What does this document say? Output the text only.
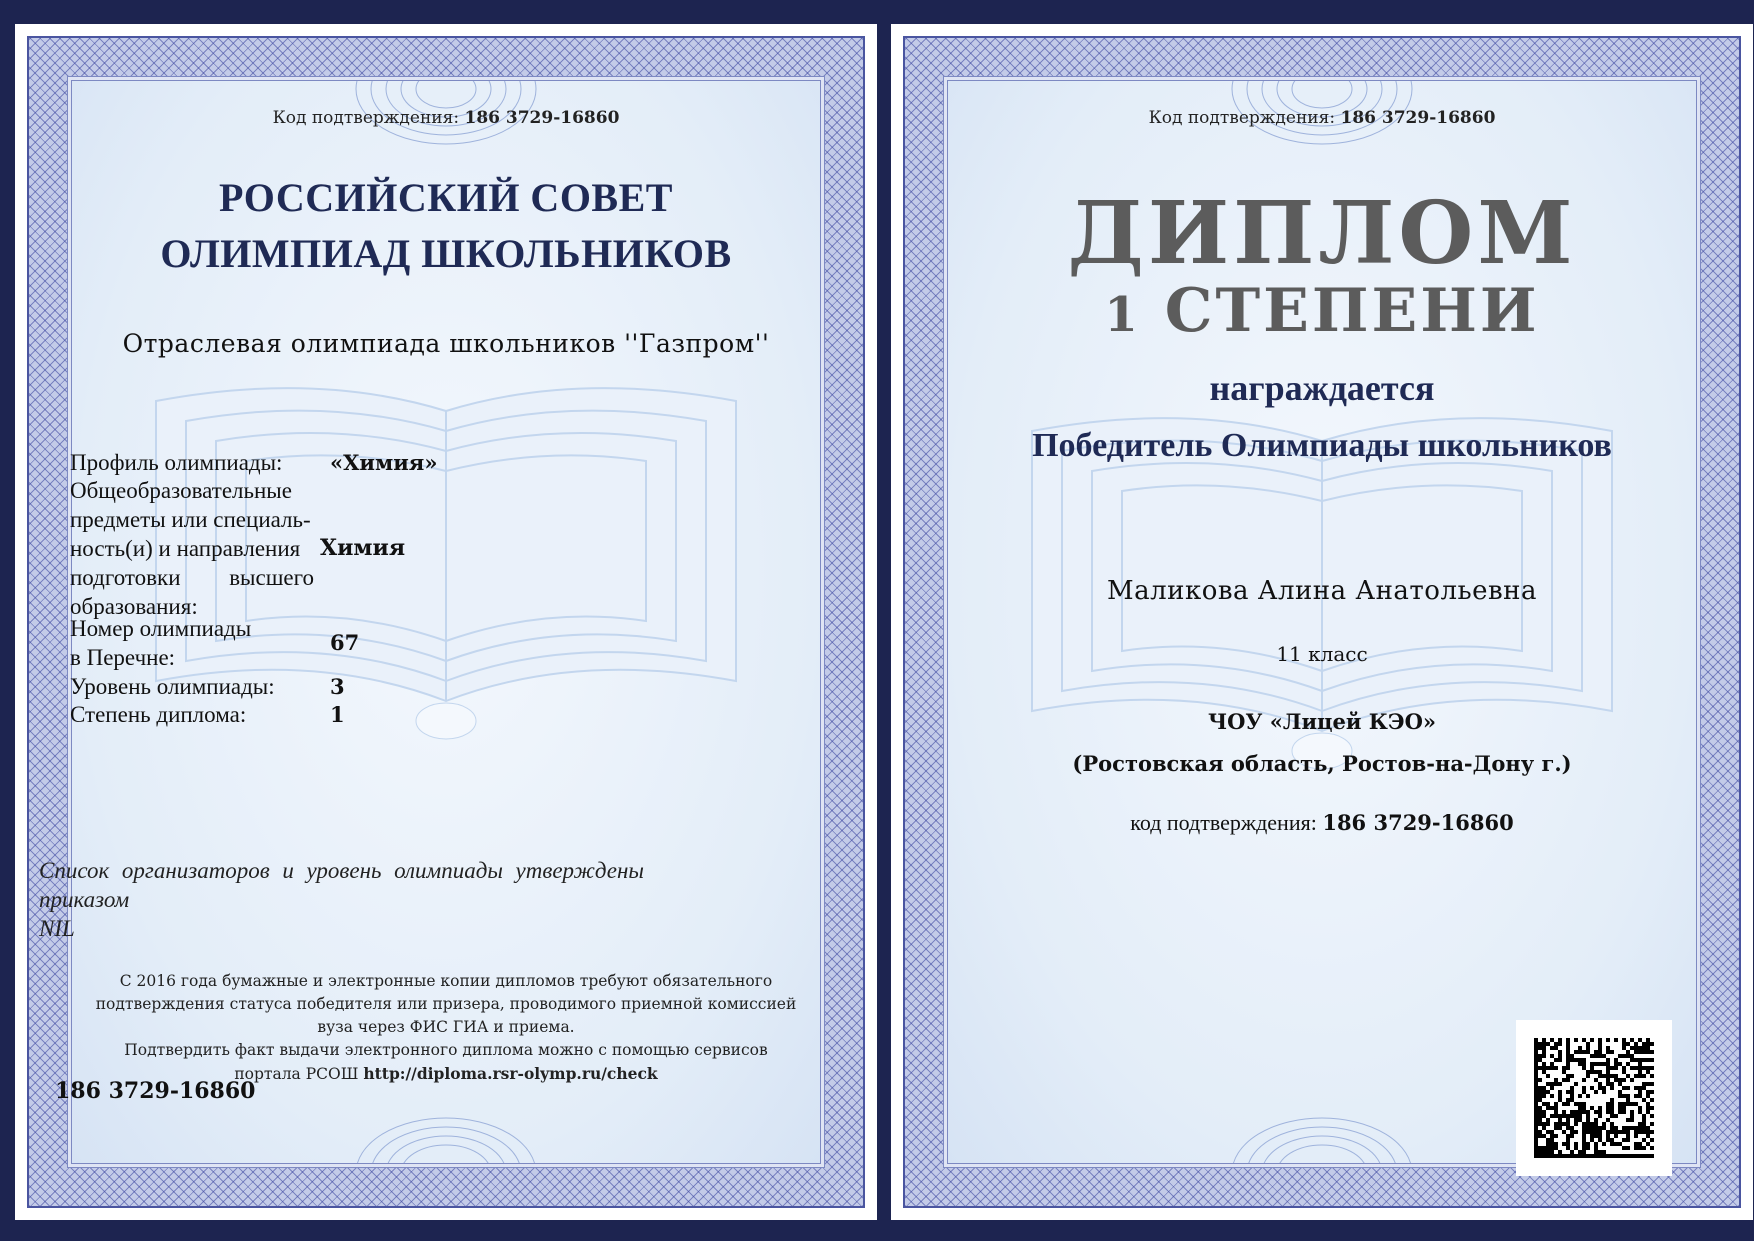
Код подтверждения: 186 3729-16860
РОССИЙСКИЙ СОВЕТ
ОЛИМПИАД ШКОЛЬНИКОВ
Отраслевая олимпиада школьников ''Газпром''
Профиль олимпиады: «Химия»
Общеобразовательные
предметы или специаль-
ность(и) и направления
подготовки высшего
образования:
Химия
Номер олимпиады
в Перечне:
67
Уровень олимпиады:	3
Степень диплома:	1
Список организаторов и уровень олимпиады утверждены
приказом
NIL
С 2016 года бумажные и электронные копии дипломов требуют обязательного
подтверждения статуса победителя или призера, проводимого приемной комиссией
вуза через ФИС ГИА и приема.
Подтвердить факт выдачи электронного диплома можно с помощью сервисов
портала РСОШ http://diploma.rsr-olymp.ru/check
186 3729-16860
Код подтверждения: 186 3729-16860
ДИПЛОМ
1 СТЕПЕНИ
награждается
Победитель Олимпиады школьников
Маликова Алина Анатольевна
11 класс
ЧОУ «Лицей КЭО»
(Ростовская область, Ростов-на-Дону г.)
код подтверждения: 186 3729-16860
